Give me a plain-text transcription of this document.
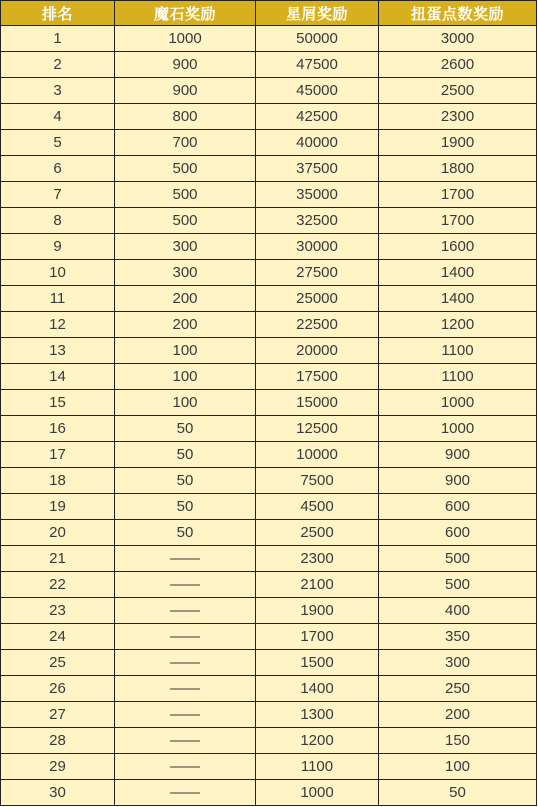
排名	魔石奖励	星屑奖励	扭蛋点数奖励
1	1000	50000	3000
2	900	47500	2600
3	900	45000	2500
4	800	42500	2300
5	700	40000	1900
6	500	37500	1800
7	500	35000	1700
8	500	32500	1700
9	300	30000	1600
10	300	27500	1400
11	200	25000	1400
12	200	22500	1200
13	100	20000	1100
14	100	17500	1100
15	100	15000	1000
16	50	12500	1000
17	50	10000	900
18	50	7500	900
19	50	4500	600
20	50	2500	600
21	——	2300	500
22	——	2100	500
23	——	1900	400
24	——	1700	350
25	——	1500	300
26	——	1400	250
27	——	1300	200
28	——	1200	150
29	——	1100	100
30	——	1000	50
